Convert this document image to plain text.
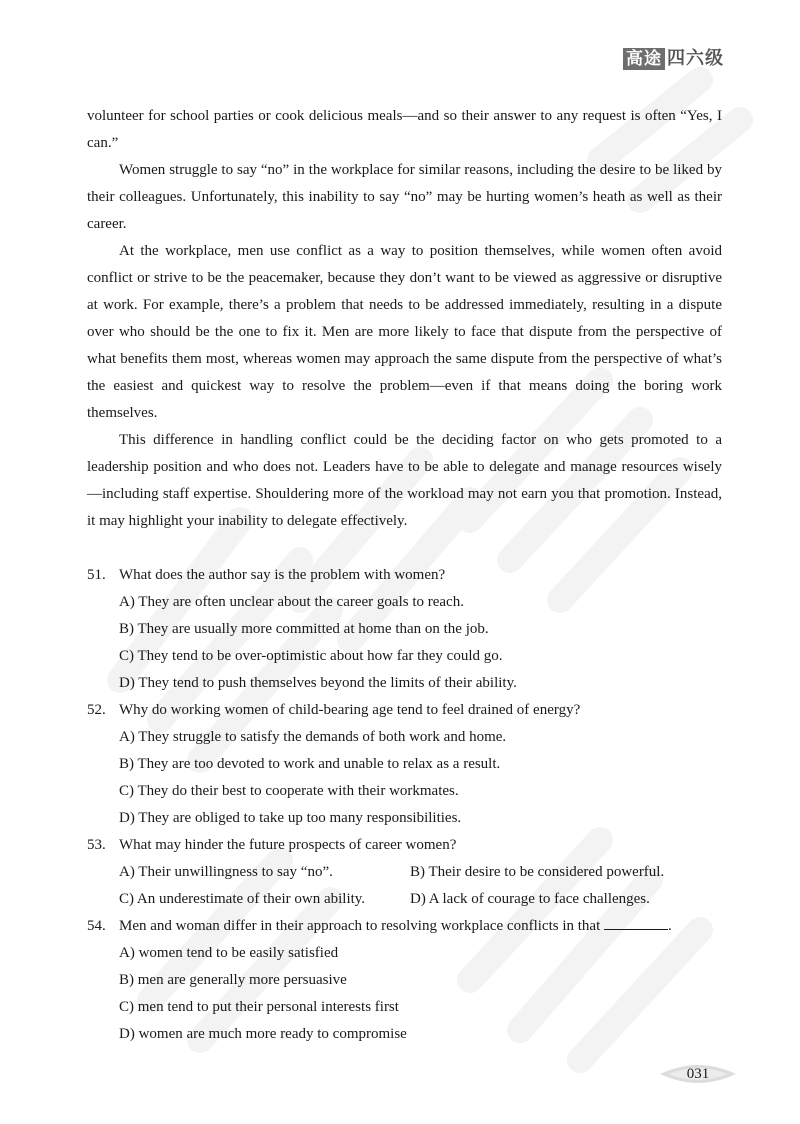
高途 四六级

volunteer for school parties or cook delicious meals—and so their answer to any request is often “Yes, I can.”

Women struggle to say “no” in the workplace for similar reasons, including the desire to be liked by their colleagues. Unfortunately, this inability to say “no” may be hurting women’s heath as well as their career.

At the workplace, men use conflict as a way to position themselves, while women often avoid conflict or strive to be the peacemaker, because they don’t want to be viewed as aggressive or disruptive at work. For example, there’s a problem that needs to be addressed immediately, resulting in a dispute over who should be the one to fix it. Men are more likely to face that dispute from the perspective of what benefits them most, whereas women may approach the same dispute from the perspective of what’s the easiest and quickest way to resolve the problem—even if that means doing the boring work themselves.

This difference in handling conflict could be the deciding factor on who gets promoted to a leadership position and who does not. Leaders have to be able to delegate and manage resources wisely—including staff expertise. Shouldering more of the workload may not earn you that promotion. Instead, it may highlight your inability to delegate effectively.

51. What does the author say is the problem with women?
A) They are often unclear about the career goals to reach.
B) They are usually more committed at home than on the job.
C) They tend to be over-optimistic about how far they could go.
D) They tend to push themselves beyond the limits of their ability.
52. Why do working women of child-bearing age tend to feel drained of energy?
A) They struggle to satisfy the demands of both work and home.
B) They are too devoted to work and unable to relax as a result.
C) They do their best to cooperate with their workmates.
D) They are obliged to take up too many responsibilities.
53. What may hinder the future prospects of career women?
A) Their unwillingness to say “no”.	B) Their desire to be considered powerful.
C) An underestimate of their own ability.	D) A lack of courage to face challenges.
54. Men and woman differ in their approach to resolving workplace conflicts in that	.
A) women tend to be easily satisfied
B) men are generally more persuasive
C) men tend to put their personal interests first
D) women are much more ready to compromise
031
